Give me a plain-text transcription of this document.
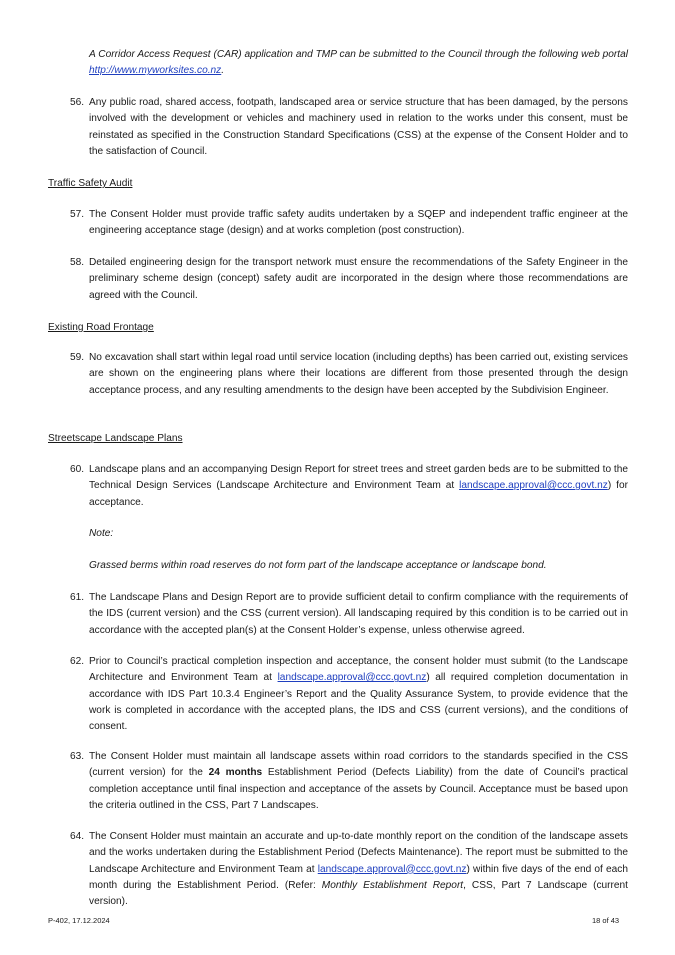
A Corridor Access Request (CAR) application and TMP can be submitted to the Council through the following web portal http://www.myworksites.co.nz.
56. Any public road, shared access, footpath, landscaped area or service structure that has been damaged, by the persons involved with the development or vehicles and machinery used in relation to the works under this consent, must be reinstated as specified in the Construction Standard Specifications (CSS) at the expense of the Consent Holder and to the satisfaction of Council.
Traffic Safety Audit
57. The Consent Holder must provide traffic safety audits undertaken by a SQEP and independent traffic engineer at the engineering acceptance stage (design) and at works completion (post construction).
58. Detailed engineering design for the transport network must ensure the recommendations of the Safety Engineer in the preliminary scheme design (concept) safety audit are incorporated in the design where those recommendations are agreed with the Council.
Existing Road Frontage
59. No excavation shall start within legal road until service location (including depths) has been carried out, existing services are shown on the engineering plans where their locations are different from those presented through the design acceptance process, and any resulting amendments to the design have been accepted by the Subdivision Engineer.
Streetscape Landscape Plans
60. Landscape plans and an accompanying Design Report for street trees and street garden beds are to be submitted to the Technical Design Services (Landscape Architecture and Environment Team at landscape.approval@ccc.govt.nz) for acceptance.
Note:
Grassed berms within road reserves do not form part of the landscape acceptance or landscape bond.
61. The Landscape Plans and Design Report are to provide sufficient detail to confirm compliance with the requirements of the IDS (current version) and the CSS (current version). All landscaping required by this condition is to be carried out in accordance with the accepted plan(s) at the Consent Holder’s expense, unless otherwise agreed.
62. Prior to Council’s practical completion inspection and acceptance, the consent holder must submit (to the Landscape Architecture and Environment Team at landscape.approval@ccc.govt.nz) all required completion documentation in accordance with IDS Part 10.3.4 Engineer’s Report and the Quality Assurance System, to provide evidence that the work is completed in accordance with the accepted plans, the IDS and CSS (current versions), and the conditions of consent.
63. The Consent Holder must maintain all landscape assets within road corridors to the standards specified in the CSS (current version) for the 24 months Establishment Period (Defects Liability) from the date of Council’s practical completion acceptance until final inspection and acceptance of the assets by Council. Acceptance must be based upon the criteria outlined in the CSS, Part 7 Landscapes.
64. The Consent Holder must maintain an accurate and up-to-date monthly report on the condition of the landscape assets and the works undertaken during the Establishment Period (Defects Maintenance). The report must be submitted to the Landscape Architecture and Environment Team at landscape.approval@ccc.govt.nz) within five days of the end of each month during the Establishment Period. (Refer: Monthly Establishment Report, CSS, Part 7 Landscape (current version).
P-402, 17.12.2024	18 of 43
